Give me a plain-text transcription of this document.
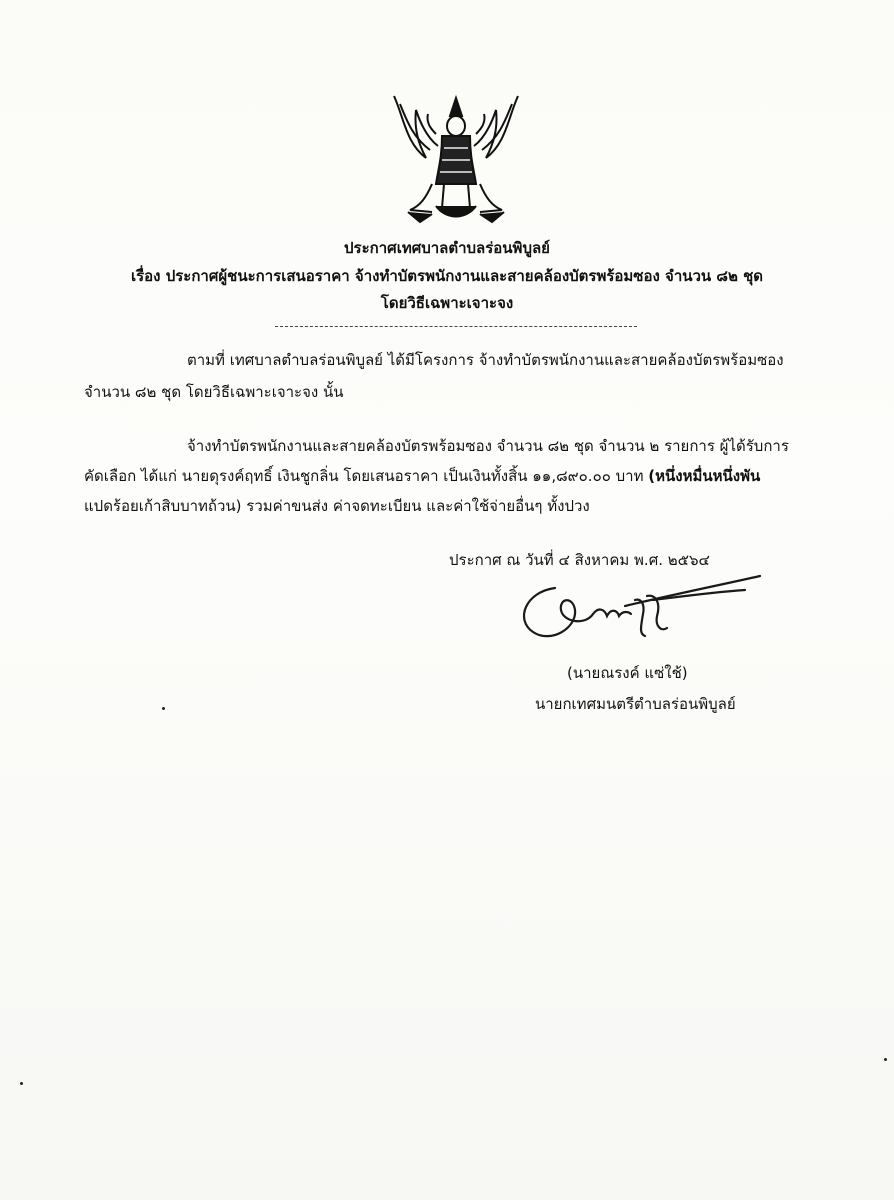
ประกาศเทศบาลตำบลร่อนพิบูลย์
เรื่อง ประกาศผู้ชนะการเสนอราคา จ้างทำบัตรพนักงานและสายคล้องบัตรพร้อมซอง จำนวน ๘๒ ชุด
โดยวิธีเฉพาะเจาะจง
ตามที่ เทศบาลตำบลร่อนพิบูลย์ ได้มีโครงการ จ้างทำบัตรพนักงานและสายคล้องบัตรพร้อมซอง
จำนวน ๘๒ ชุด โดยวิธีเฉพาะเจาะจง นั้น
จ้างทำบัตรพนักงานและสายคล้องบัตรพร้อมซอง จำนวน ๘๒ ชุด จำนวน ๒ รายการ ผู้ได้รับการ
คัดเลือก ได้แก่ นายดุรงค์ฤทธิ์ เงินชูกลิ่น โดยเสนอราคา เป็นเงินทั้งสิ้น ๑๑,๘๙๐.๐๐ บาท (หนึ่งหมื่นหนึ่งพัน
แปดร้อยเก้าสิบบาทถ้วน) รวมค่าขนส่ง ค่าจดทะเบียน และค่าใช้จ่ายอื่นๆ ทั้งปวง
ประกาศ ณ วันที่ ๔ สิงหาคม พ.ศ. ๒๕๖๔
(นายณรงค์ แซ่ใช้)
นายกเทศมนตรีตำบลร่อนพิบูลย์
